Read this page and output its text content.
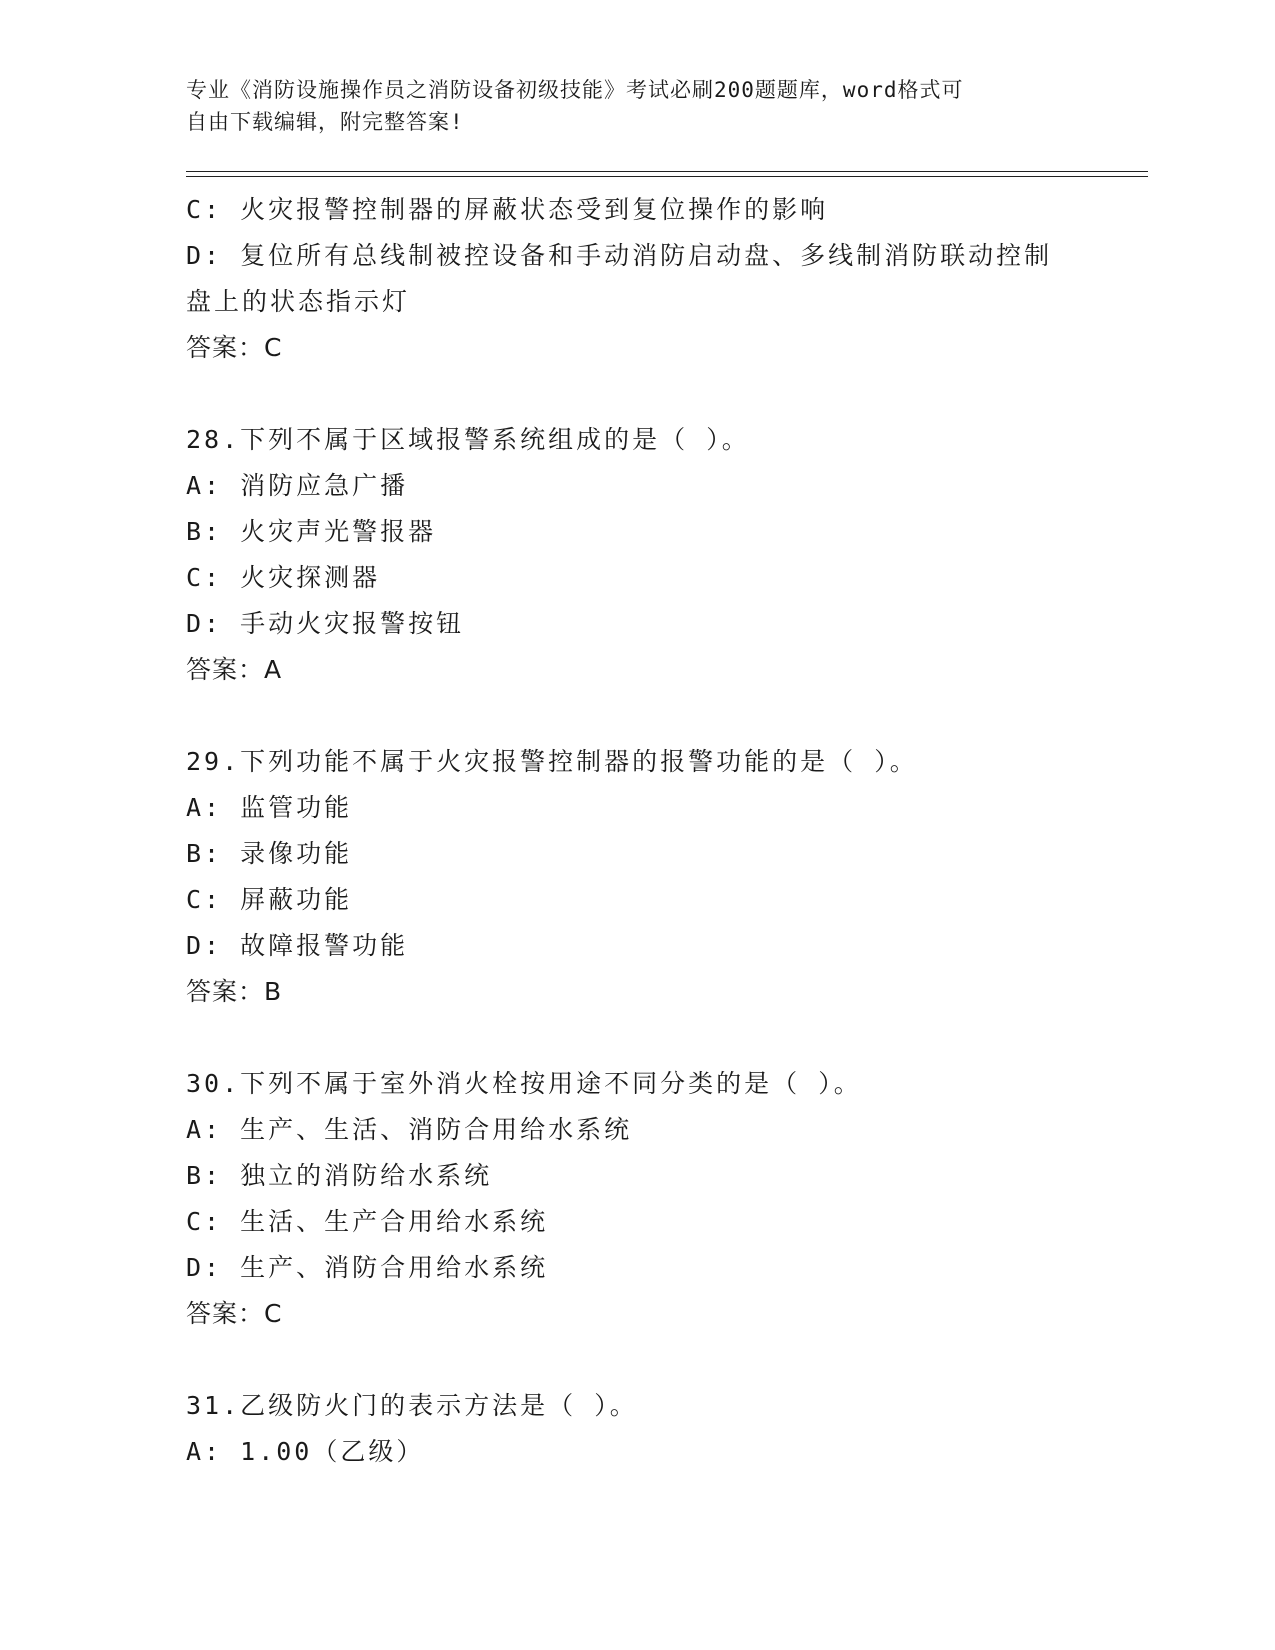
专业《消防设施操作员之消防设备初级技能》考试必刷200题题库，word格式可
自由下载编辑，附完整答案!
C: 火灾报警控制器的屏蔽状态受到复位操作的影响
D: 复位所有总线制被控设备和手动消防启动盘、多线制消防联动控制盘上的状态指示灯
答案：C
28.下列不属于区域报警系统组成的是（ ）。
A: 消防应急广播
B: 火灾声光警报器
C: 火灾探测器
D: 手动火灾报警按钮
答案：A
29.下列功能不属于火灾报警控制器的报警功能的是（ ）。
A: 监管功能
B: 录像功能
C: 屏蔽功能
D: 故障报警功能
答案：B
30.下列不属于室外消火栓按用途不同分类的是（ ）。
A: 生产、生活、消防合用给水系统
B: 独立的消防给水系统
C: 生活、生产合用给水系统
D: 生产、消防合用给水系统
答案：C
31.乙级防火门的表示方法是（ ）。
A: 1.00（乙级）
